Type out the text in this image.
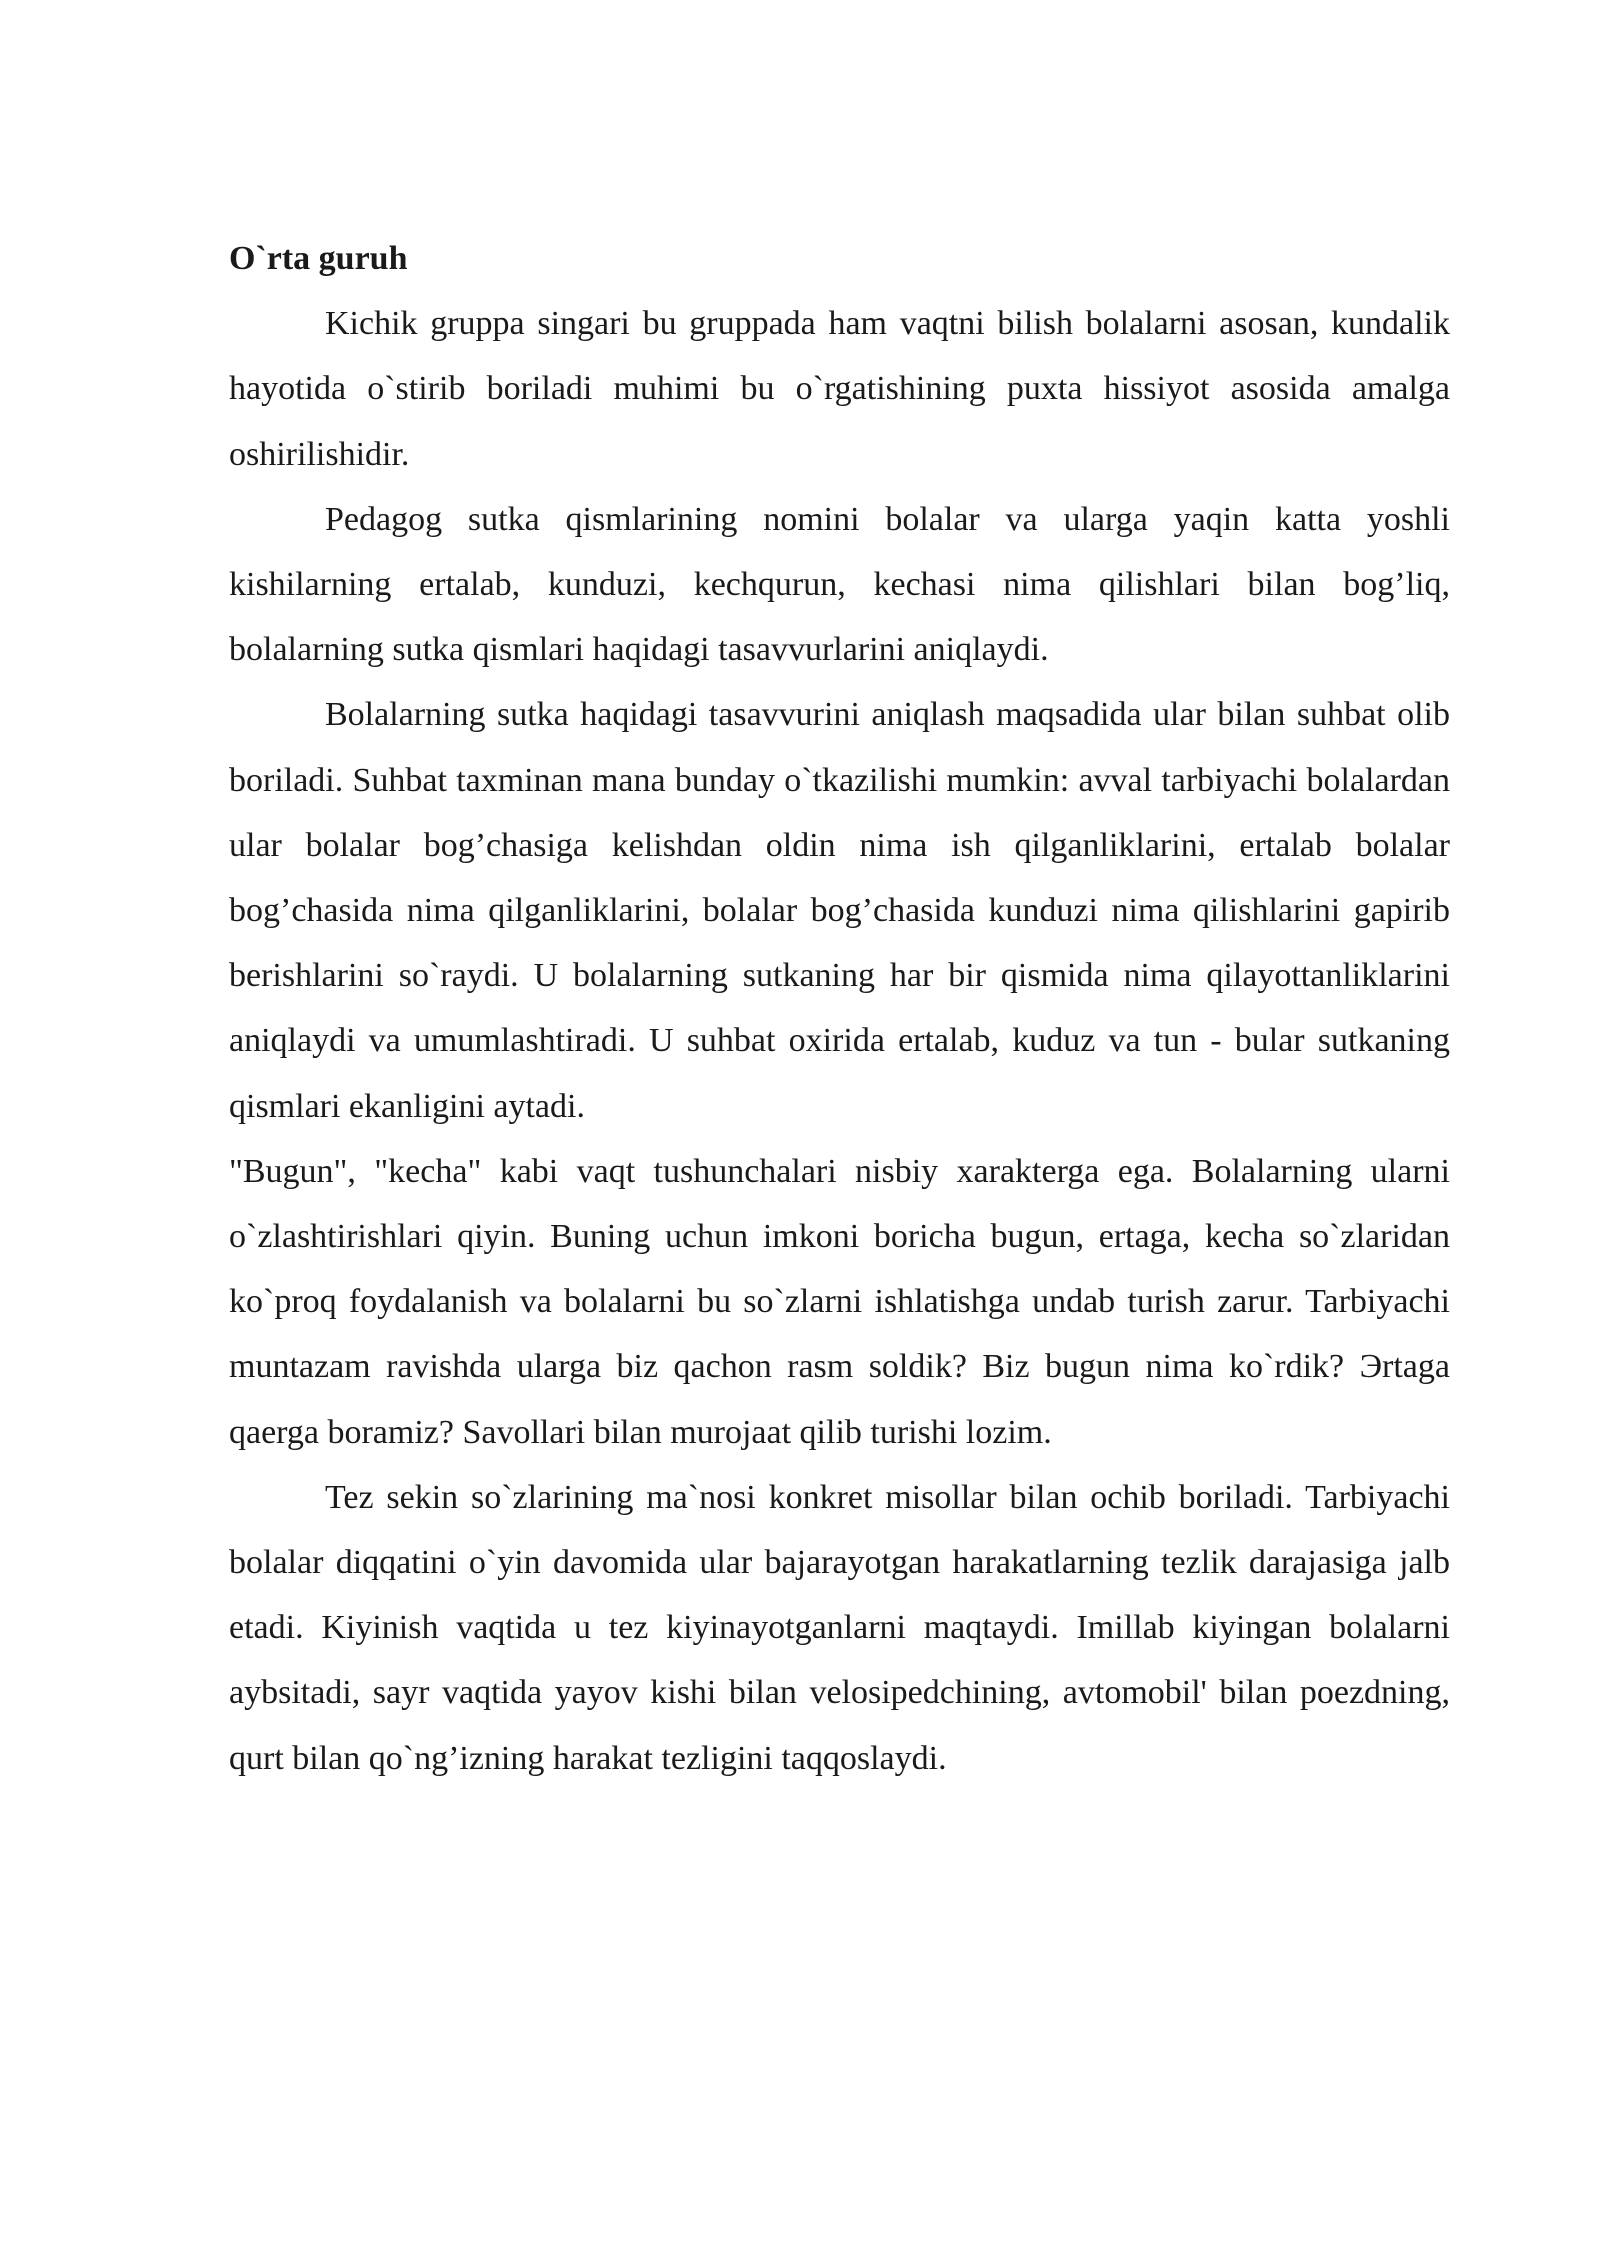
O`rta guruh

Kichik gruppa singari bu gruppada ham vaqtni bilish bolalarni asosan, kundalik hayotida o`stirib boriladi muhimi bu o`rgatishining puxta hissiyot asosida amalga oshirilishidir.

Pedagog sutka qismlarining nomini bolalar va ularga yaqin katta yoshli kishilarning ertalab, kunduzi, kechqurun, kechasi nima qilishlari bilan bog’liq, bolalarning sutka qismlari haqidagi tasavvurlarini aniqlaydi.

Bolalarning sutka haqidagi tasavvurini aniqlash maqsadida ular bilan suhbat olib boriladi. Suhbat taxminan mana bunday o`tkazilishi mumkin: avval tarbiyachi bolalardan ular bolalar bog’chasiga kelishdan oldin nima ish qilganliklarini, ertalab bolalar bog’chasida nima qilganliklarini, bolalar bog’chasida kunduzi nima qilishlarini gapirib berishlarini so`raydi. U bolalarning sutkaning har bir qismida nima qilayottanliklarini aniqlaydi va umumlashtiradi. U suhbat oxirida ertalab, kuduz va tun - bular sutkaning qismlari ekanligini aytadi.

"Bugun", "kecha" kabi vaqt tushunchalari nisbiy xarakterga ega. Bolalarning ularni o`zlashtirishlari qiyin. Buning uchun imkoni boricha bugun, ertaga, kecha so`zlaridan ko`proq foydalanish va bolalarni bu so`zlarni ishlatishga undab turish zarur. Tarbiyachi muntazam ravishda ularga biz qachon rasm soldik? Biz bugun nima ko`rdik? Эrtaga qaerga boramiz? Savollari bilan murojaat qilib turishi lozim.

Tez sekin so`zlarining ma`nosi konkret misollar bilan ochib boriladi. Tarbiyachi bolalar diqqatini o`yin davomida ular bajarayotgan harakatlarning tezlik darajasiga jalb etadi. Kiyinish vaqtida u tez kiyinayotganlarni maqtaydi. Imillab kiyingan bolalarni aybsitadi, sayr vaqtida yayov kishi bilan velosipedchining, avtomobil' bilan poezdning, qurt bilan qo`ng’izning harakat tezligini taqqoslaydi.
